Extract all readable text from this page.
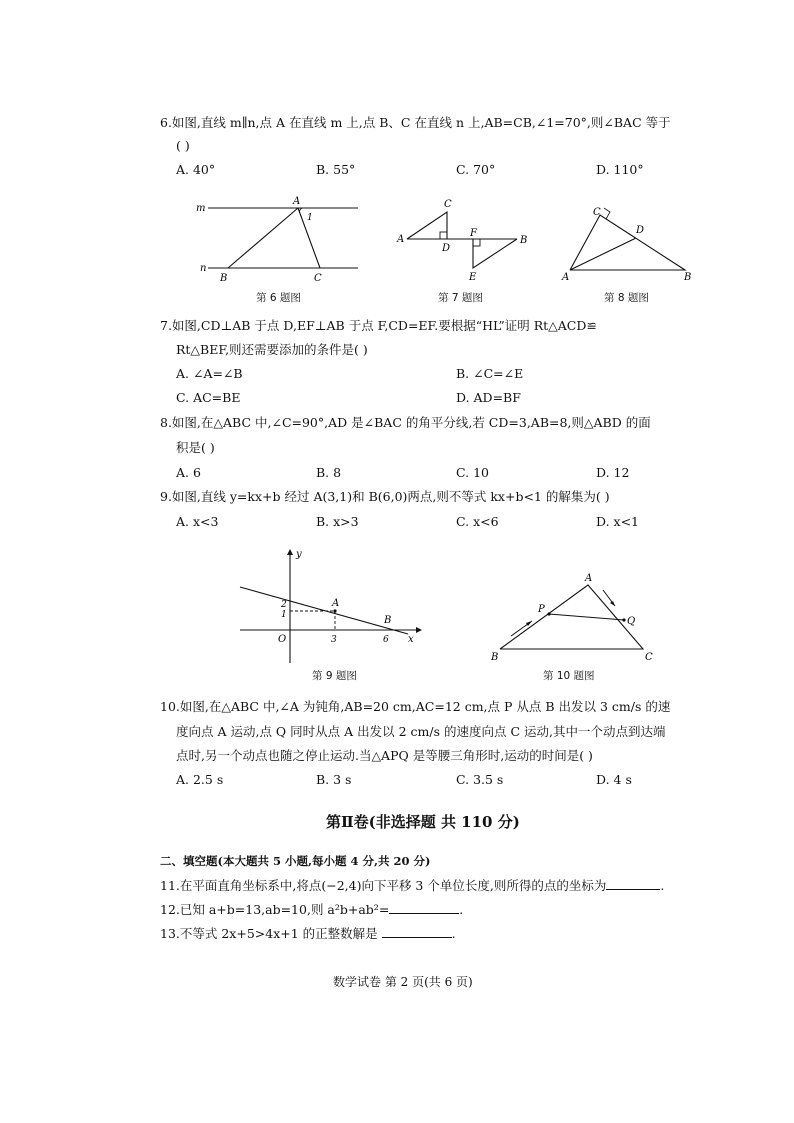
6.如图,直线 m∥n,点 A 在直线 m 上,点 B、C 在直线 n 上,AB=CB,∠1=70°,则∠BAC 等于
( )
A. 40°	B. 55°	C. 70°	D. 110°
m
n
A
1
B	C
第 6 题图
C
A
D
F
B
E
第 7 题图
C
D
A	B
第 8 题图
7.如图,CD⊥AB 于点 D,EF⊥AB 于点 F,CD=EF.要根据“HL”证明 Rt△ACD≌
Rt△BEF,则还需要添加的条件是( )
A. ∠A=∠B	B. ∠C=∠E
C. AC=BE	D. AD=BF
8.如图,在△ABC 中,∠C=90°,AD 是∠BAC 的角平分线,若 CD=3,AB=8,则△ABD 的面
积是( )
A. 6	B. 8	C. 10	D. 12
9.如图,直线 y=kx+b 经过 A(3,1)和 B(6,0)两点,则不等式 kx+b<1 的解集为( )
A. x<3	B. x>3	C. x<6	D. x<1
y
2
1
A
B
O	3	6 x
第 9 题图
A
P
Q
B	C
第 10 题图
10.如图,在△ABC 中,∠A 为钝角,AB=20 cm,AC=12 cm,点 P 从点 B 出发以 3 cm/s 的速
度向点 A 运动,点 Q 同时从点 A 出发以 2 cm/s 的速度向点 C 运动,其中一个动点到达端
点时,另一个动点也随之停止运动.当△APQ 是等腰三角形时,运动的时间是( )
A. 2.5 s	B. 3 s	C. 3.5 s	D. 4 s
第Ⅱ卷(非选择题 共 110 分)
二、填空题(本大题共 5 小题,每小题 4 分,共 20 分)
11.在平面直角坐标系中,将点(−2,4)向下平移 3 个单位长度,则所得的点的坐标为	.
12.已知 a+b=13,ab=10,则 a²b+ab²=	.
13.不等式 2x+5>4x+1 的正整数解是	.
数学试卷 第 2 页(共 6 页)
